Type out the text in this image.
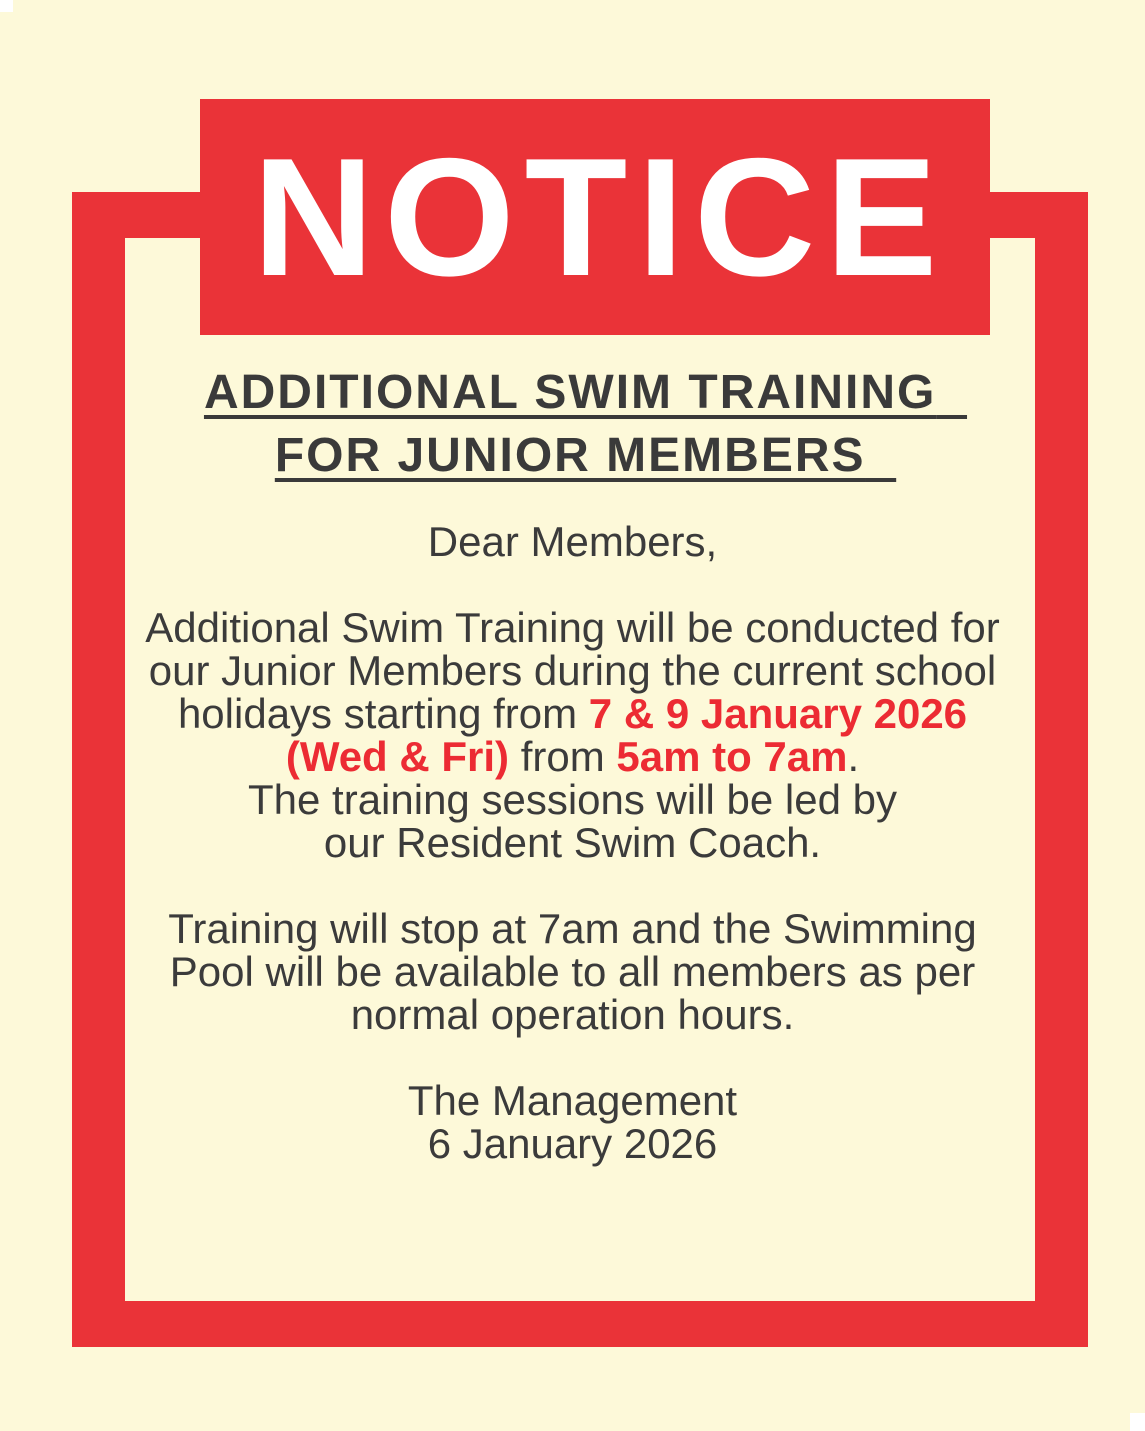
NOTICE
ADDITIONAL SWIM TRAINING
FOR JUNIOR MEMBERS

Dear Members,

Additional Swim Training will be conducted for
our Junior Members during the current school
holidays starting from 7 & 9 January 2026
(Wed & Fri) from 5am to 7am.
The training sessions will be led by
our Resident Swim Coach.

Training will stop at 7am and the Swimming
Pool will be available to all members as per
normal operation hours.

The Management
6 January 2026
